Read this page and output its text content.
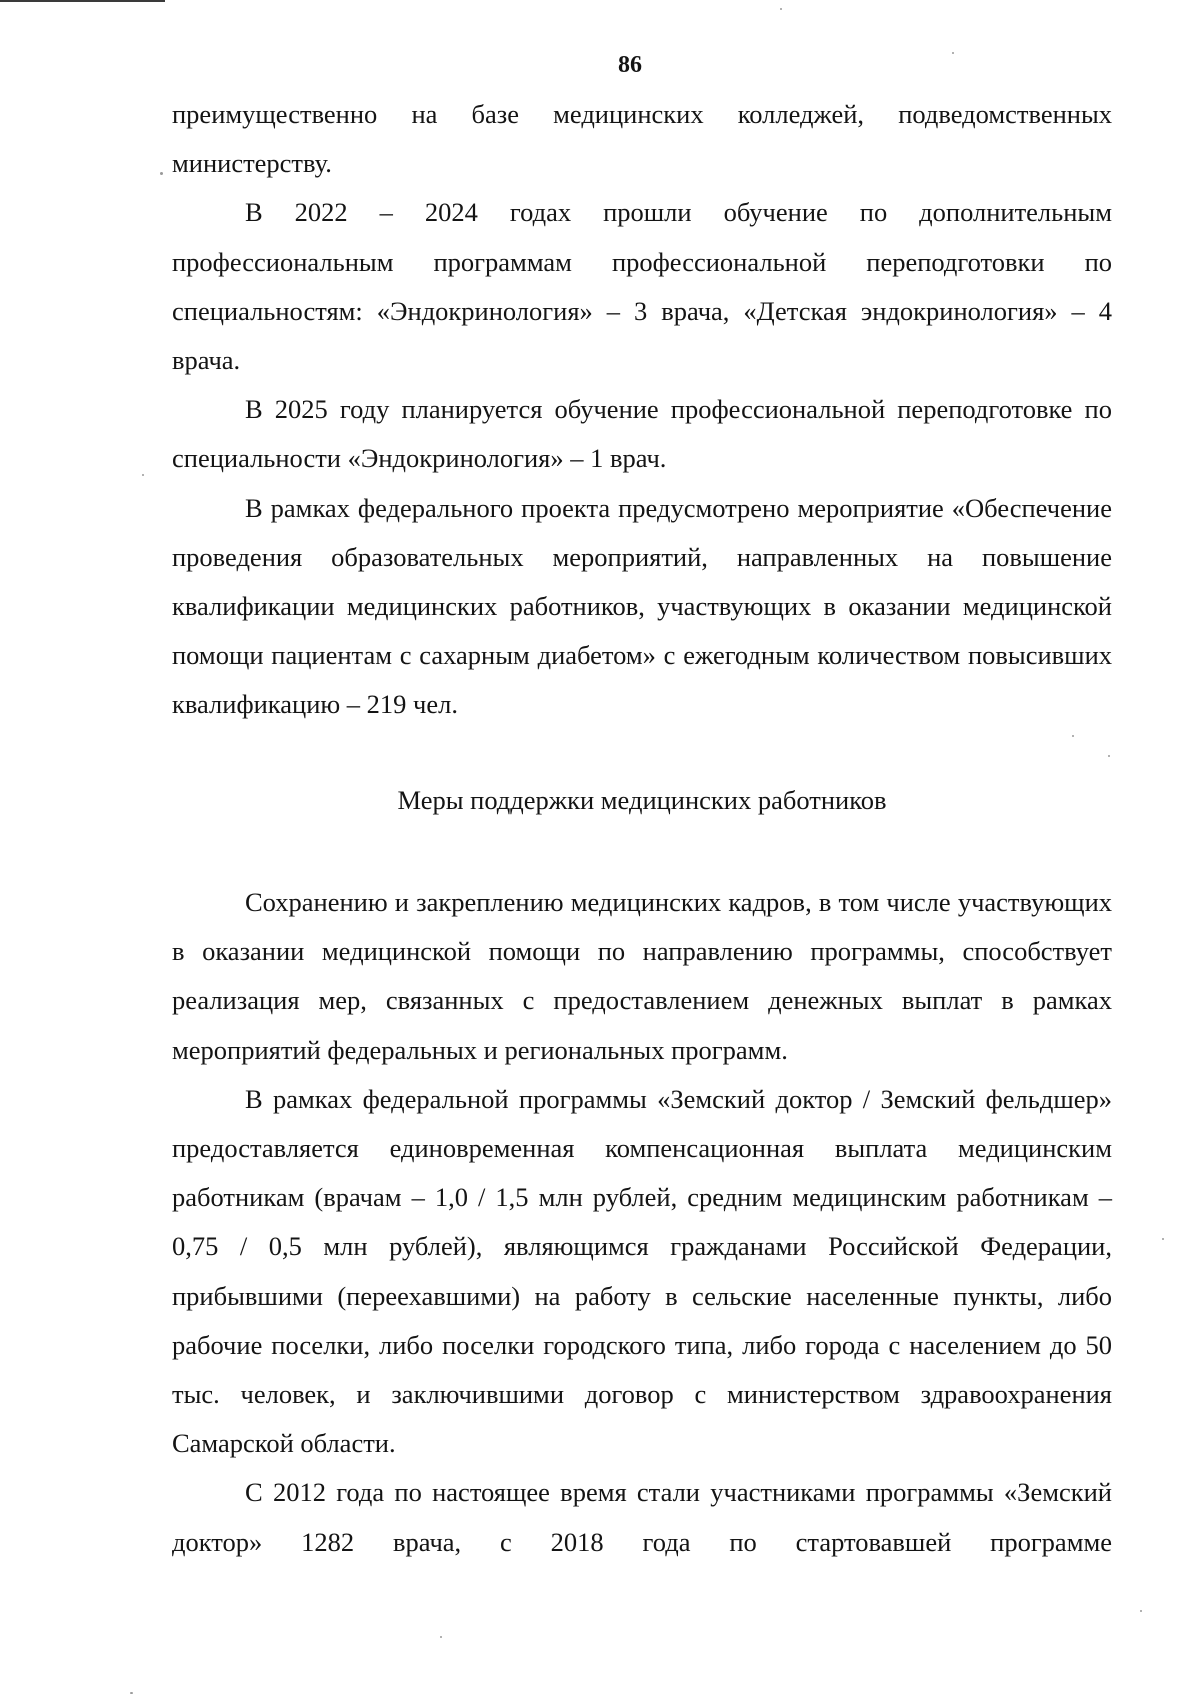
86

преимущественно на базе медицинских колледжей, подведомственных министерству.

В 2022 – 2024 годах прошли обучение по дополнительным профессиональным программам профессиональной переподготовки по специальностям: «Эндокринология» – 3 врача, «Детская эндокринология» – 4 врача.

В 2025 году планируется обучение профессиональной переподготовке по специальности «Эндокринология» – 1 врач.

В рамках федерального проекта предусмотрено мероприятие «Обеспечение проведения образовательных мероприятий, направленных на повышение квалификации медицинских работников, участвующих в оказании медицинской помощи пациентам с сахарным диабетом» с ежегодным количеством повысивших квалификацию – 219 чел.

Меры поддержки медицинских работников

Сохранению и закреплению медицинских кадров, в том числе участвующих в оказании медицинской помощи по направлению программы, способствует реализация мер, связанных с предоставлением денежных выплат в рамках мероприятий федеральных и региональных программ.

В рамках федеральной программы «Земский доктор / Земский фельдшер» предоставляется единовременная компенсационная выплата медицинским работникам (врачам – 1,0 / 1,5 млн рублей, средним медицинским работникам – 0,75 / 0,5 млн рублей), являющимся гражданами Российской Федерации, прибывшими (переехавшими) на работу в сельские населенные пункты, либо рабочие поселки, либо поселки городского типа, либо города с населением до 50 тыс. человек, и заключившими договор с министерством здравоохранения Самарской области.

С 2012 года по настоящее время стали участниками программы «Земский доктор» 1282 врача, с 2018 года по стартовавшей программе
